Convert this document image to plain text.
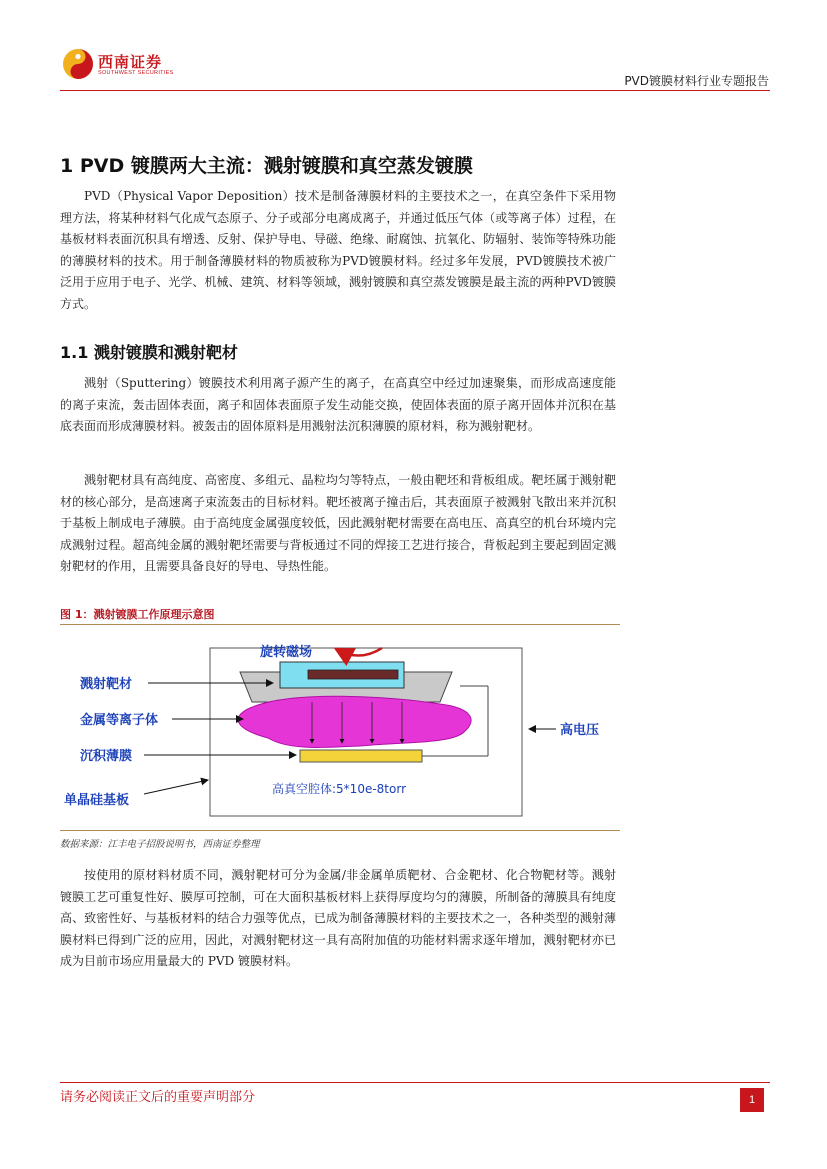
西南证券
SOUTHWEST SECURITIES
PVD镀膜材料行业专题报告
1 PVD 镀膜两大主流：溅射镀膜和真空蒸发镀膜

PVD（Physical Vapor Deposition）技术是制备薄膜材料的主要技术之一，在真空条件下采用物理方法，将某种材料气化成气态原子、分子或部分电离成离子，并通过低压气体（或等离子体）过程，在基板材料表面沉积具有增透、反射、保护导电、导磁、绝缘、耐腐蚀、抗氧化、防辐射、装饰等特殊功能的薄膜材料的技术。用于制备薄膜材料的物质被称为PVD镀膜材料。经过多年发展，PVD镀膜技术被广泛用于应用于电子、光学、机械、建筑、材料等领域，溅射镀膜和真空蒸发镀膜是最主流的两种PVD镀膜方式。

1.1 溅射镀膜和溅射靶材

溅射（Sputtering）镀膜技术利用离子源产生的离子，在高真空中经过加速聚集，而形成高速度能的离子束流，轰击固体表面，离子和固体表面原子发生动能交换，使固体表面的原子离开固体并沉积在基底表面而形成薄膜材料。被轰击的固体原料是用溅射法沉积薄膜的原材料，称为溅射靶材。

溅射靶材具有高纯度、高密度、多组元、晶粒均匀等特点，一般由靶坯和背板组成。靶坯属于溅射靶材的核心部分，是高速离子束流轰击的目标材料。靶坯被离子撞击后，其表面原子被溅射飞散出来并沉积于基板上制成电子薄膜。由于高纯度金属强度较低，因此溅射靶材需要在高电压、高真空的机台环境内完成溅射过程。超高纯金属的溅射靶坯需要与背板通过不同的焊接工艺进行接合，背板起到主要起到固定溅射靶材的作用，且需要具备良好的导电、导热性能。

图 1：溅射镀膜工作原理示意图
旋转磁场
溅射靶材
金属等离子体
沉积薄膜
单晶硅基板
高真空腔体:5*10e-8torr
高电压
数据来源：江丰电子招股说明书，西南证券整理

按使用的原材料材质不同，溅射靶材可分为金属/非金属单质靶材、合金靶材、化合物靶材等。溅射镀膜工艺可重复性好、膜厚可控制，可在大面积基板材料上获得厚度均匀的薄膜，所制备的薄膜具有纯度高、致密性好、与基板材料的结合力强等优点，已成为制备薄膜材料的主要技术之一，各种类型的溅射薄膜材料已得到广泛的应用，因此，对溅射靶材这一具有高附加值的功能材料需求逐年增加，溅射靶材亦已成为目前市场应用量最大的 PVD 镀膜材料。

请务必阅读正文后的重要声明部分	1
